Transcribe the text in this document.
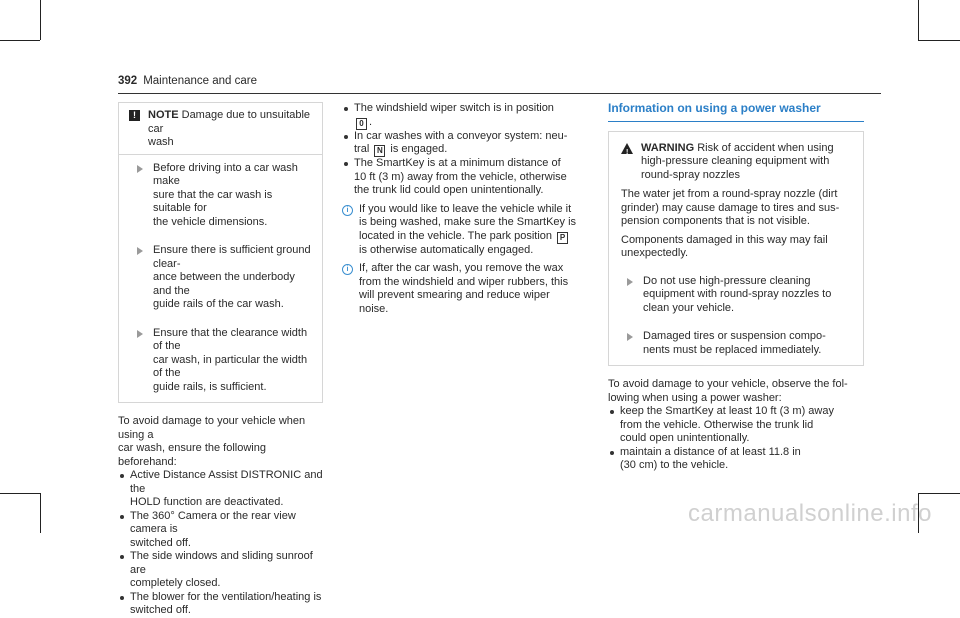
392 Maintenance and care
!	NOTE Damage due to unsuitable car
wash
Before driving into a car wash make
sure that the car wash is suitable for
the vehicle dimensions.
Ensure there is sufficient ground clear-
ance between the underbody and the
guide rails of the car wash.
Ensure that the clearance width of the
car wash, in particular the width of the
guide rails, is sufficient.

To avoid damage to your vehicle when using a
car wash, ensure the following beforehand:

Active Distance Assist DISTRONIC and the
HOLD function are deactivated.
The 360° Camera or the rear view camera is
switched off.
The side windows and sliding sunroof are
completely closed.
The blower for the ventilation/heating is
switched off.
The windshield wiper switch is in position
0 .
In car washes with a conveyor system: neu-
tral N is engaged.
The SmartKey is at a minimum distance of
10 ft (3 m) away from the vehicle, otherwise
the trunk lid could open unintentionally.
i If you would like to leave the vehicle while it
is being washed, make sure the SmartKey is
located in the vehicle. The park position P
is otherwise automatically engaged.
i If, after the car wash, you remove the wax
from the windshield and wiper rubbers, this
will prevent smearing and reduce wiper
noise.
Information on using a power washer
! WARNING Risk of accident when using
high-pressure cleaning equipment with
round-spray nozzles
The water jet from a round-spray nozzle (dirt
grinder) may cause damage to tires and sus-
pension components that is not visible.
Components damaged in this way may fail
unexpectedly.
Do not use high-pressure cleaning
equipment with round-spray nozzles to
clean your vehicle.
Damaged tires or suspension compo-
nents must be replaced immediately.

To avoid damage to your vehicle, observe the fol-
lowing when using a power washer:

keep the SmartKey at least 10 ft (3 m) away
from the vehicle. Otherwise the trunk lid
could open unintentionally.
maintain a distance of at least 11.8 in
(30 cm) to the vehicle.
carmanualsonline.info
